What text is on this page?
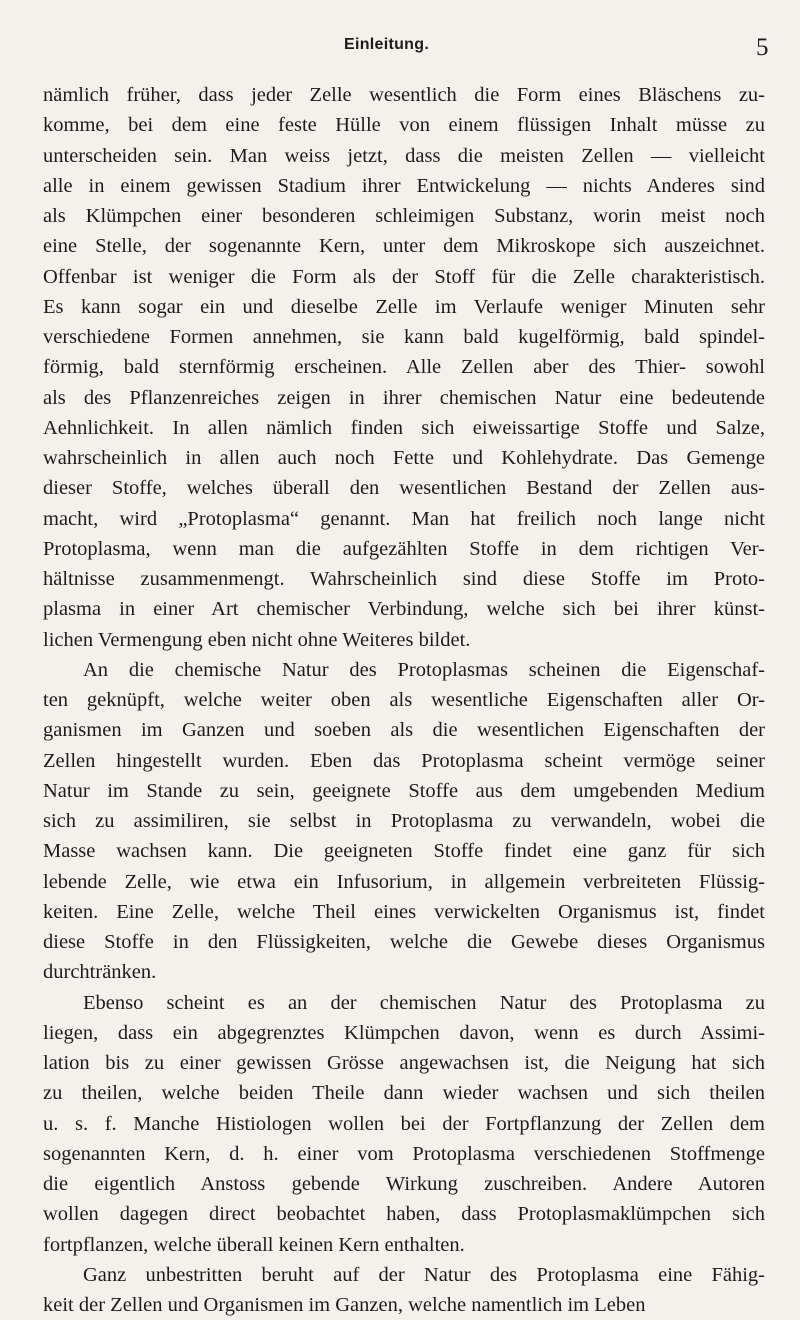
Einleitung.	5
nämlich früher, dass jeder Zelle wesentlich die Form eines Bläschens zu-
komme, bei dem eine feste Hülle von einem flüssigen Inhalt müsse zu
unterscheiden sein. Man weiss jetzt, dass die meisten Zellen — vielleicht
alle in einem gewissen Stadium ihrer Entwickelung — nichts Anderes sind
als Klümpchen einer besonderen schleimigen Substanz, worin meist noch
eine Stelle, der sogenannte Kern, unter dem Mikroskope sich auszeichnet.
Offenbar ist weniger die Form als der Stoff für die Zelle charakteristisch.
Es kann sogar ein und dieselbe Zelle im Verlaufe weniger Minuten sehr
verschiedene Formen annehmen, sie kann bald kugelförmig, bald spindel-
förmig, bald sternförmig erscheinen. Alle Zellen aber des Thier- sowohl
als des Pflanzenreiches zeigen in ihrer chemischen Natur eine bedeutende
Aehnlichkeit. In allen nämlich finden sich eiweissartige Stoffe und Salze,
wahrscheinlich in allen auch noch Fette und Kohlehydrate. Das Gemenge
dieser Stoffe, welches überall den wesentlichen Bestand der Zellen aus-
macht, wird „Protoplasma“ genannt. Man hat freilich noch lange nicht
Protoplasma, wenn man die aufgezählten Stoffe in dem richtigen Ver-
hältnisse zusammenmengt. Wahrscheinlich sind diese Stoffe im Proto-
plasma in einer Art chemischer Verbindung, welche sich bei ihrer künst-
lichen Vermengung eben nicht ohne Weiteres bildet.
An die chemische Natur des Protoplasmas scheinen die Eigenschaf-
ten geknüpft, welche weiter oben als wesentliche Eigenschaften aller Or-
ganismen im Ganzen und soeben als die wesentlichen Eigenschaften der
Zellen hingestellt wurden. Eben das Protoplasma scheint vermöge seiner
Natur im Stande zu sein, geeignete Stoffe aus dem umgebenden Medium
sich zu assimiliren, sie selbst in Protoplasma zu verwandeln, wobei die
Masse wachsen kann. Die geeigneten Stoffe findet eine ganz für sich
lebende Zelle, wie etwa ein Infusorium, in allgemein verbreiteten Flüssig-
keiten. Eine Zelle, welche Theil eines verwickelten Organismus ist, findet
diese Stoffe in den Flüssigkeiten, welche die Gewebe dieses Organismus
durchtränken.
Ebenso scheint es an der chemischen Natur des Protoplasma zu
liegen, dass ein abgegrenztes Klümpchen davon, wenn es durch Assimi-
lation bis zu einer gewissen Grösse angewachsen ist, die Neigung hat sich
zu theilen, welche beiden Theile dann wieder wachsen und sich theilen
u. s. f. Manche Histiologen wollen bei der Fortpflanzung der Zellen dem
sogenannten Kern, d. h. einer vom Protoplasma verschiedenen Stoffmenge
die eigentlich Anstoss gebende Wirkung zuschreiben. Andere Autoren
wollen dagegen direct beobachtet haben, dass Protoplasmaklümpchen sich
fortpflanzen, welche überall keinen Kern enthalten.
Ganz unbestritten beruht auf der Natur des Protoplasma eine Fähig-
keit der Zellen und Organismen im Ganzen, welche namentlich im Leben
